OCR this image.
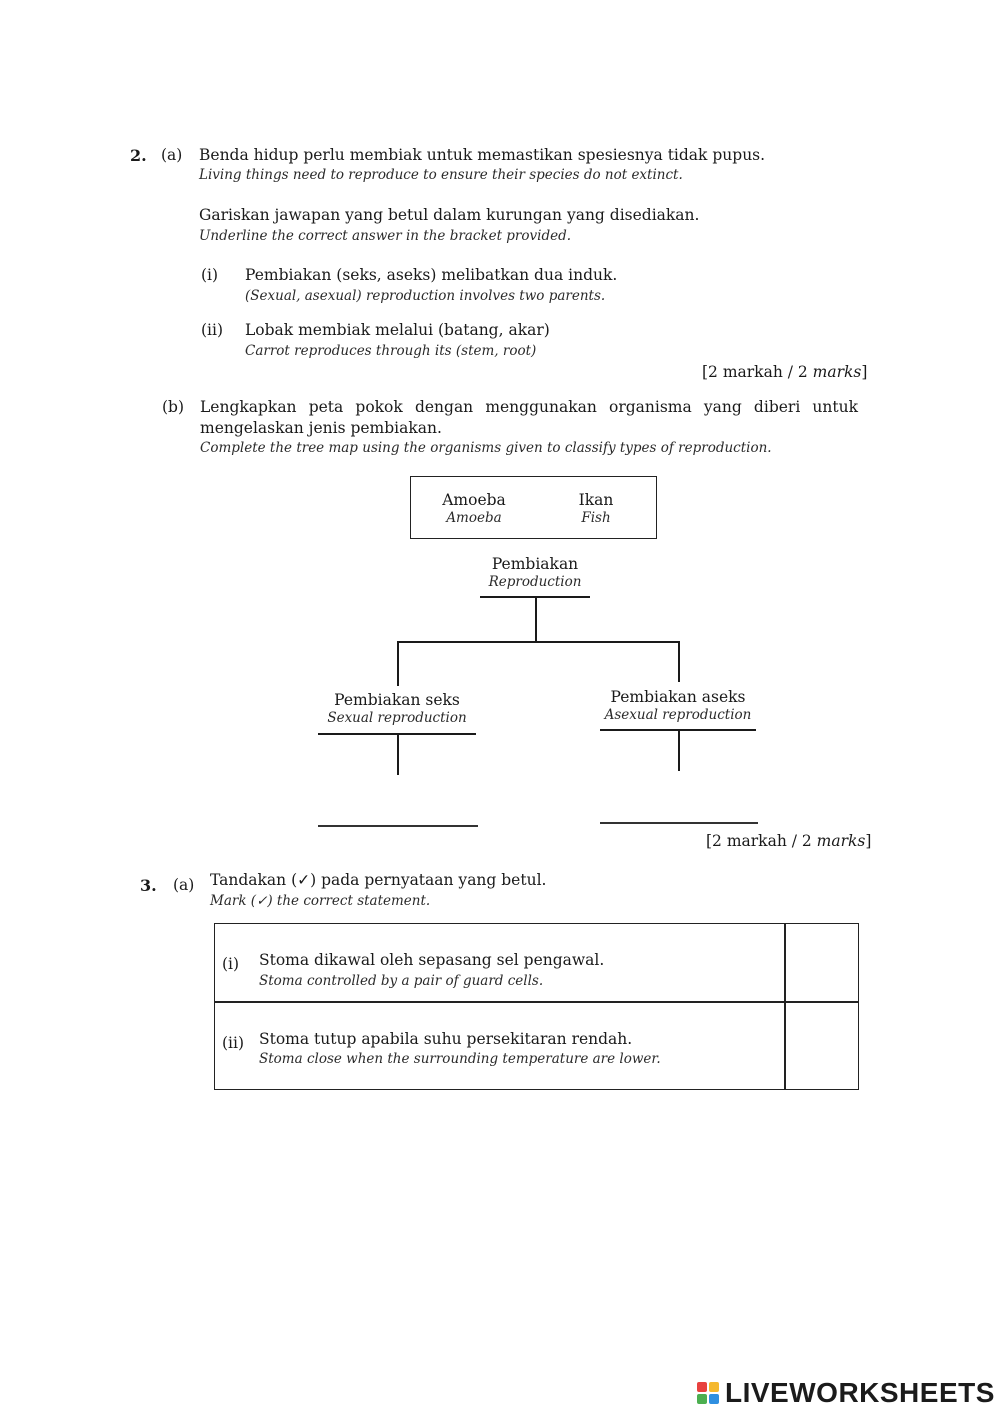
2. (a) Benda hidup perlu membiak untuk memastikan spesiesnya tidak pupus.
Living things need to reproduce to ensure their species do not extinct.
Gariskan jawapan yang betul dalam kurungan yang disediakan.
Underline the correct answer in the bracket provided.
(i) Pembiakan (seks, aseks) melibatkan dua induk.
(Sexual, asexual) reproduction involves two parents.
(ii) Lobak membiak melalui (batang, akar)
Carrot reproduces through its (stem, root)
[2 markah / 2 marks]
(b) Lengkapkan peta pokok dengan menggunakan organisma yang diberi untuk
mengelaskan jenis pembiakan.
Complete the tree map using the organisms given to classify types of reproduction.
Amoeba
Amoeba
Ikan
Fish
Pembiakan
Reproduction
Pembiakan seks
Sexual reproduction
Pembiakan aseks
Asexual reproduction
[2 markah / 2 marks]
3. (a) Tandakan (✓) pada pernyataan yang betul.
Mark (✓) the correct statement.
(i) Stoma dikawal oleh sepasang sel pengawal.
Stoma controlled by a pair of guard cells.
(ii) Stoma tutup apabila suhu persekitaran rendah.
Stoma close when the surrounding temperature are lower.
LIVEWORKSHEETS
